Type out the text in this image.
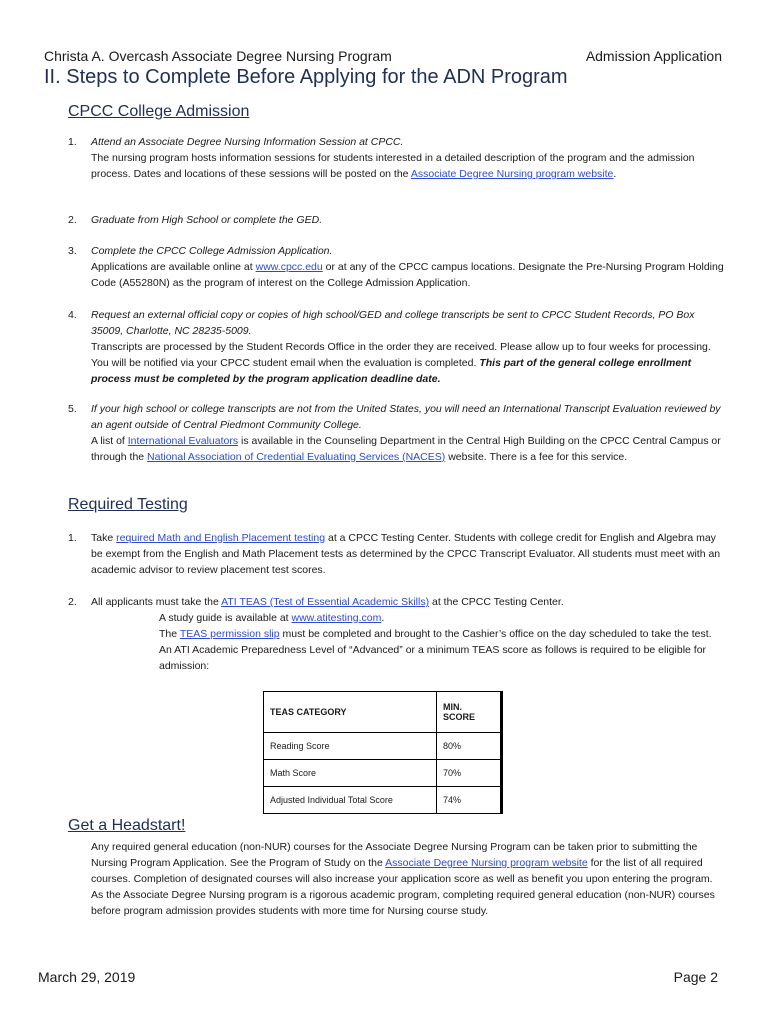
Christa A. Overcash Associate Degree Nursing Program	Admission Application
II. Steps to Complete Before Applying for the ADN Program
CPCC College Admission
1.	Attend an Associate Degree Nursing Information Session at CPCC.
The nursing program hosts information sessions for students interested in a detailed description of the program and the admission process. Dates and locations of these sessions will be posted on the Associate Degree Nursing program website.
2.	Graduate from High School or complete the GED.
3.	Complete the CPCC College Admission Application.
Applications are available online at www.cpcc.edu or at any of the CPCC campus locations. Designate the Pre-Nursing Program Holding Code (A55280N) as the program of interest on the College Admission Application.
4.	Request an external official copy or copies of high school/GED and college transcripts be sent to CPCC Student Records, PO Box 35009, Charlotte, NC 28235-5009.
Transcripts are processed by the Student Records Office in the order they are received. Please allow up to four weeks for processing. You will be notified via your CPCC student email when the evaluation is completed. This part of the general college enrollment process must be completed by the program application deadline date.
5.	If your high school or college transcripts are not from the United States, you will need an International Transcript Evaluation reviewed by an agent outside of Central Piedmont Community College.
A list of International Evaluators is available in the Counseling Department in the Central High Building on the CPCC Central Campus or through the National Association of Credential Evaluating Services (NACES) website. There is a fee for this service.
Required Testing
1.	Take required Math and English Placement testing at a CPCC Testing Center. Students with college credit for English and Algebra may be exempt from the English and Math Placement tests as determined by the CPCC Transcript Evaluator. All students must meet with an academic advisor to review placement test scores.
2.	All applicants must take the ATI TEAS (Test of Essential Academic Skills) at the CPCC Testing Center.
A study guide is available at www.atitesting.com.
The TEAS permission slip must be completed and brought to the Cashier’s office on the day scheduled to take the test.
An ATI Academic Preparedness Level of “Advanced” or a minimum TEAS score as follows is required to be eligible for admission:
TEAS CATEGORY	MIN. SCORE
Reading Score	80%
Math Score	70%
Adjusted Individual Total Score	74%
Get a Headstart!
Any required general education (non-NUR) courses for the Associate Degree Nursing Program can be taken prior to submitting the Nursing Program Application. See the Program of Study on the Associate Degree Nursing program website for the list of all required courses. Completion of designated courses will also increase your application score as well as benefit you upon entering the program. As the Associate Degree Nursing program is a rigorous academic program, completing required general education (non-NUR) courses before program admission provides students with more time for Nursing course study.
March 29, 2019	Page 2
